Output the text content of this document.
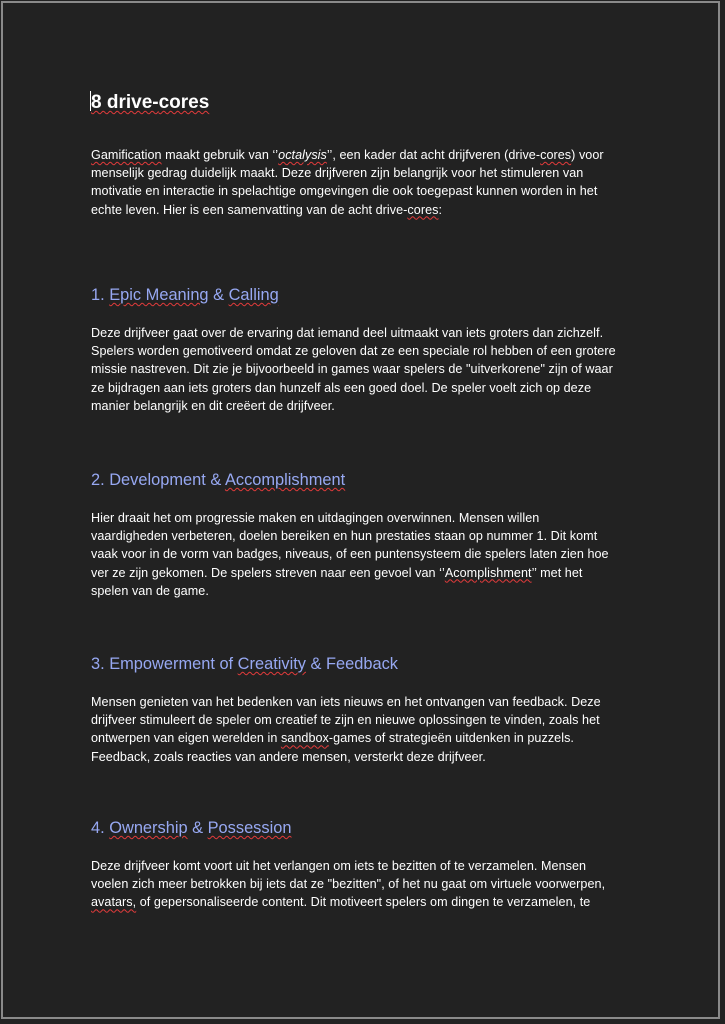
8 drive-cores

Gamification maakt gebruik van ‘’octalysis’’, een kader dat acht drijfveren (drive-cores) voor
menselijk gedrag duidelijk maakt. Deze drijfveren zijn belangrijk voor het stimuleren van
motivatie en interactie in spelachtige omgevingen die ook toegepast kunnen worden in het
echte leven. Hier is een samenvatting van de acht drive-cores:

1. Epic Meaning & Calling

Deze drijfveer gaat over de ervaring dat iemand deel uitmaakt van iets groters dan zichzelf.
Spelers worden gemotiveerd omdat ze geloven dat ze een speciale rol hebben of een grotere
missie nastreven. Dit zie je bijvoorbeeld in games waar spelers de "uitverkorene" zijn of waar
ze bijdragen aan iets groters dan hunzelf als een goed doel. De speler voelt zich op deze
manier belangrijk en dit creëert de drijfveer.

2. Development & Accomplishment

Hier draait het om progressie maken en uitdagingen overwinnen. Mensen willen
vaardigheden verbeteren, doelen bereiken en hun prestaties staan op nummer 1. Dit komt
vaak voor in de vorm van badges, niveaus, of een puntensysteem die spelers laten zien hoe
ver ze zijn gekomen. De spelers streven naar een gevoel van ‘’Acomplishment’’ met het
spelen van de game.

3. Empowerment of Creativity & Feedback

Mensen genieten van het bedenken van iets nieuws en het ontvangen van feedback. Deze
drijfveer stimuleert de speler om creatief te zijn en nieuwe oplossingen te vinden, zoals het
ontwerpen van eigen werelden in sandbox-games of strategieën uitdenken in puzzels.
Feedback, zoals reacties van andere mensen, versterkt deze drijfveer.

4. Ownership & Possession

Deze drijfveer komt voort uit het verlangen om iets te bezitten of te verzamelen. Mensen
voelen zich meer betrokken bij iets dat ze "bezitten", of het nu gaat om virtuele voorwerpen,
avatars, of gepersonaliseerde content. Dit motiveert spelers om dingen te verzamelen, te
